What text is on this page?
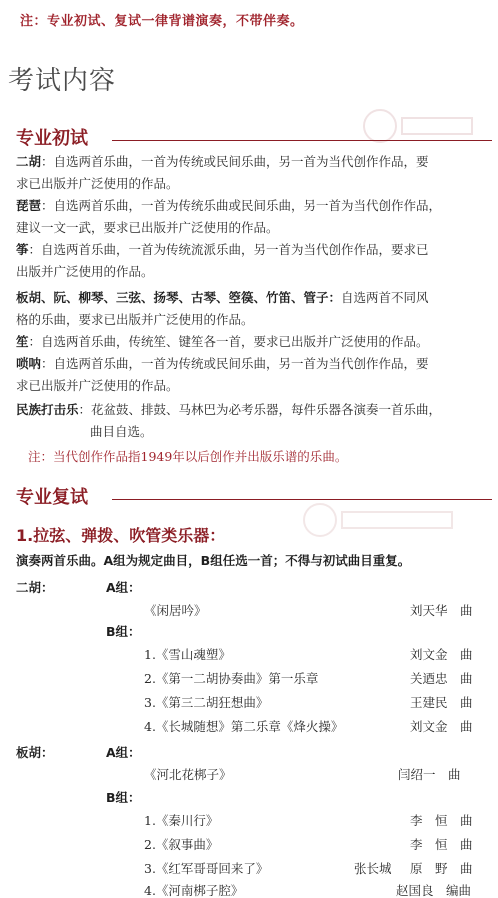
注：专业初试、复试一律背谱演奏，不带伴奏。
考试内容
专业初试
二胡：自选两首乐曲，一首为传统或民间乐曲，另一首为当代创作作品，要
求已出版并广泛使用的作品。
琵琶：自选两首乐曲，一首为传统乐曲或民间乐曲，另一首为当代创作作品，
建议一文一武，要求已出版并广泛使用的作品。
筝：自选两首乐曲，一首为传统流派乐曲，另一首为当代创作作品，要求已
出版并广泛使用的作品。
板胡、阮、柳琴、三弦、扬琴、古琴、箜篌、竹笛、管子：自选两首不同风
格的乐曲，要求已出版并广泛使用的作品。
笙：自选两首乐曲，传统笙、键笙各一首，要求已出版并广泛使用的作品。
唢呐：自选两首乐曲，一首为传统或民间乐曲，另一首为当代创作作品，要
求已出版并广泛使用的作品。
民族打击乐：花盆鼓、排鼓、马林巴为必考乐器，每件乐器各演奏一首乐曲，
曲目自选。
注：当代创作作品指1949年以后创作并出版乐谱的乐曲。
专业复试
1.拉弦、弹拨、吹管类乐器：
演奏两首乐曲。A组为规定曲目，B组任选一首；不得与初试曲目重复。
二胡：	A组：
《闲居吟》	刘天华　曲
B组：
1.《雪山魂塑》	刘文金　曲
2.《第一二胡协奏曲》第一乐章	关迺忠　曲
3.《第三二胡狂想曲》	王建民　曲
4.《长城随想》第二乐章《烽火操》	刘文金　曲
板胡：	A组：
《河北花梆子》	闫绍一　曲
B组：
1.《秦川行》	李　恒　曲
2.《叙事曲》	李　恒　曲
3.《红军哥哥回来了》	张长城 原　野　曲
4.《河南梆子腔》	赵国良　编曲
